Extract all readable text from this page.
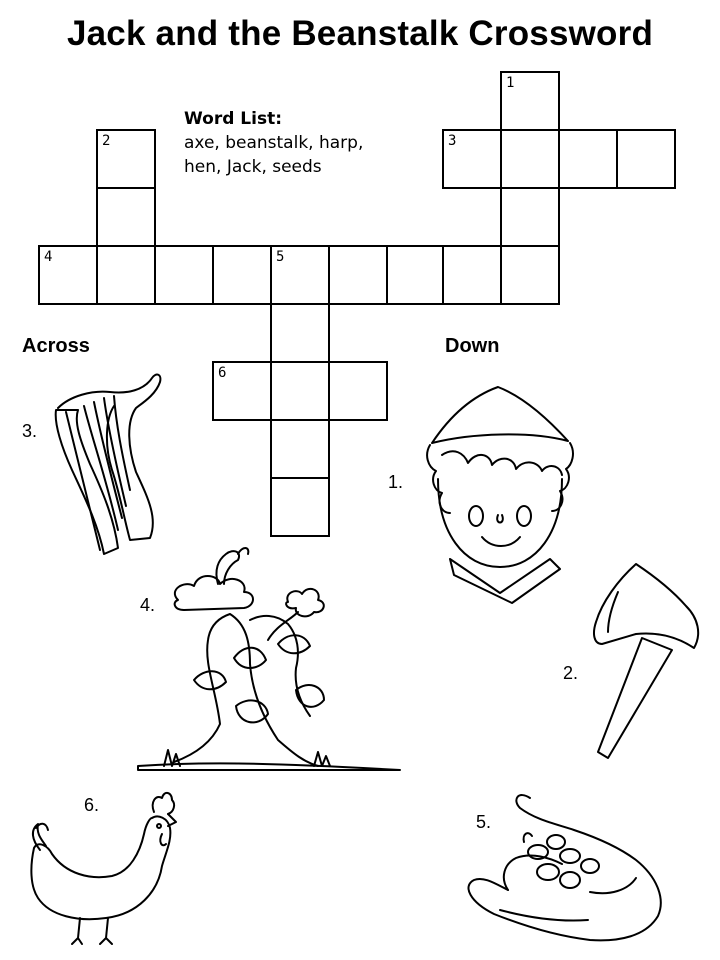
Jack and the Beanstalk Crossword
Word List:
axe, beanstalk, harp,
hen, Jack, seeds
1
3
2
4	5
6
Across	Down
3.
4.
6.
1.
2.
5.
